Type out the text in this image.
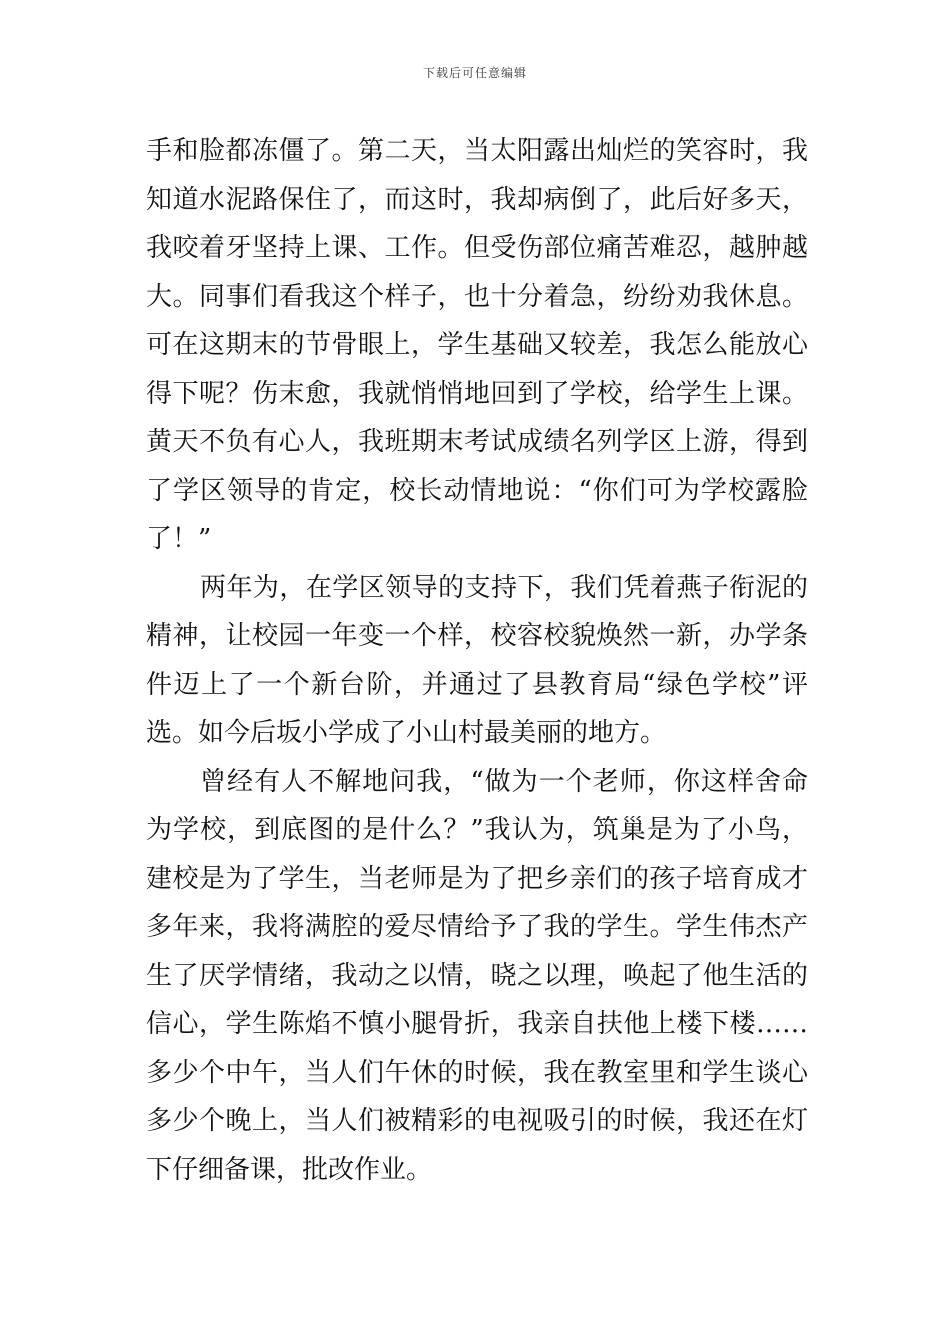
下载后可任意编辑
手和脸都冻僵了。第二天，当太阳露出灿烂的笑容时，我
知道水泥路保住了，而这时，我却病倒了，此后好多天，
我咬着牙坚持上课、工作。但受伤部位痛苦难忍，越肿越
大。同事们看我这个样子，也十分着急，纷纷劝我休息。
可在这期末的节骨眼上，学生基础又较差，我怎么能放心
得下呢？伤末愈，我就悄悄地回到了学校，给学生上课。
黄天不负有心人，我班期末考试成绩名列学区上游，得到
了学区领导的肯定，校长动情地说：“你们可为学校露脸
了！”
两年为，在学区领导的支持下，我们凭着燕子衔泥的
精神，让校园一年变一个样，校容校貌焕然一新，办学条
件迈上了一个新台阶，并通过了县教育局“绿色学校”评
选。如今后坂小学成了小山村最美丽的地方。
曾经有人不解地问我，“做为一个老师，你这样舍命
为学校，到底图的是什么？”我认为，筑巢是为了小鸟，
建校是为了学生，当老师是为了把乡亲们的孩子培育成才
多年来，我将满腔的爱尽情给予了我的学生。学生伟杰产
生了厌学情绪，我动之以情，晓之以理，唤起了他生活的
信心，学生陈焰不慎小腿骨折，我亲自扶他上楼下楼……
多少个中午，当人们午休的时候，我在教室里和学生谈心
多少个晚上，当人们被精彩的电视吸引的时候，我还在灯
下仔细备课，批改作业。
